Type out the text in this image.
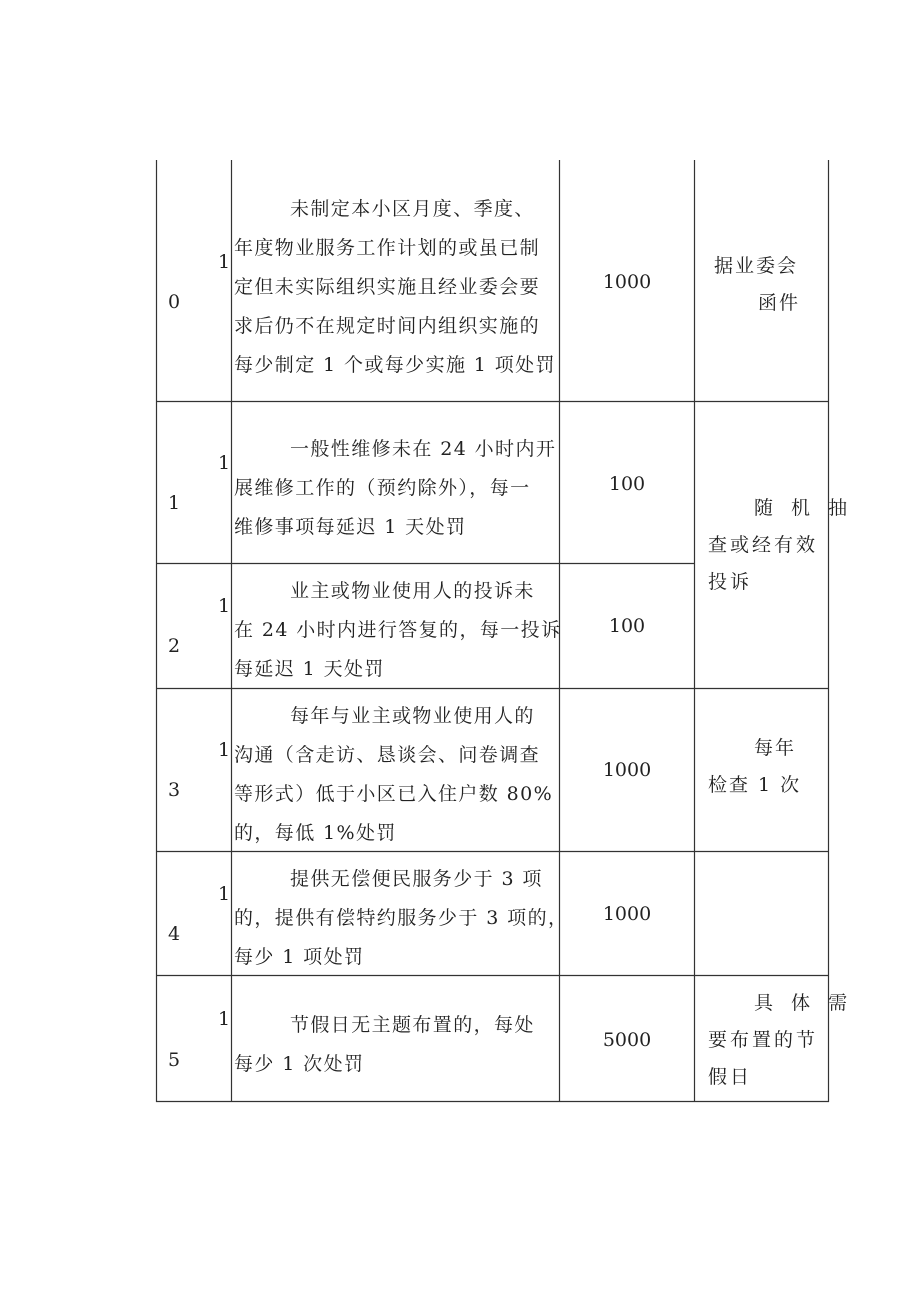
1
0
未制定本小区月度、季度、
年度物业服务工作计划的或虽已制
定但未实际组织实施且经业委会要
求后仍不在规定时间内组织实施的
每少制定 1 个或每少实施 1 项处罚
1000
据业委会
函件
1
1
一般性维修未在 24 小时内开
展维修工作的（预约除外），每一
维修事项每延迟 1 天处罚
100
随 机 抽
查或经有效
投诉
1
2
业主或物业使用人的投诉未
在 24 小时内进行答复的，每一投诉
每延迟 1 天处罚
100
1
3
每年与业主或物业使用人的
沟通（含走访、恳谈会、问卷调查
等形式）低于小区已入住户数 80%
的，每低 1%处罚
1000
每年
检查 1 次
1
4
提供无偿便民服务少于 3 项
的，提供有偿特约服务少于 3 项的，
每少 1 项处罚
1000
1
5
节假日无主题布置的，每处
每少 1 次处罚
5000
具 体 需
要布置的节
假日
